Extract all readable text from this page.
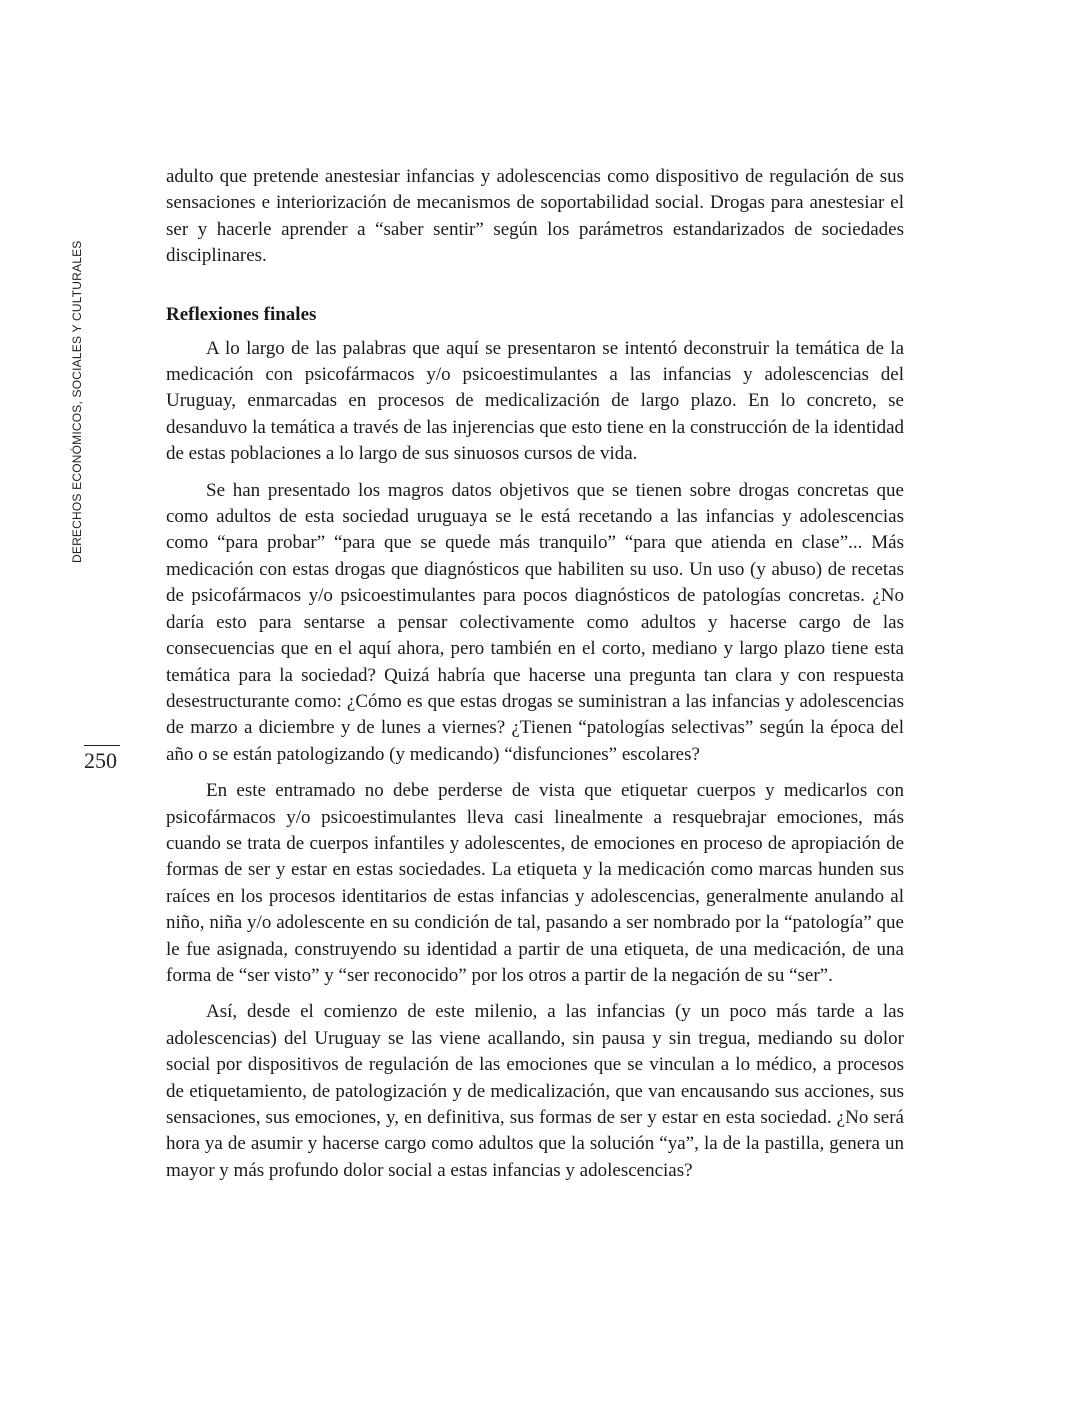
DERECHOS ECONÓMICOS, SOCIALES Y CULTURALES
250

adulto que pretende anestesiar infancias y adolescencias como dispositivo de regulación de sus sensaciones e interiorización de mecanismos de soportabilidad social. Drogas para anestesiar el ser y hacerle aprender a “saber sentir” según los parámetros estandarizados de sociedades disciplinares.

Reflexiones finales

A lo largo de las palabras que aquí se presentaron se intentó deconstruir la temática de la medicación con psicofármacos y/o psicoestimulantes a las infancias y adolescencias del Uruguay, enmarcadas en procesos de medicalización de largo plazo. En lo concreto, se desanduvo la temática a través de las injerencias que esto tiene en la construcción de la identidad de estas poblaciones a lo largo de sus sinuosos cursos de vida.

Se han presentado los magros datos objetivos que se tienen sobre drogas concretas que como adultos de esta sociedad uruguaya se le está recetando a las infancias y adolescencias como “para probar” “para que se quede más tranquilo” “para que atienda en clase”... Más medicación con estas drogas que diagnósticos que habiliten su uso. Un uso (y abuso) de recetas de psicofármacos y/o psicoestimulantes para pocos diagnósticos de patologías concretas. ¿No daría esto para sentarse a pensar colectivamente como adultos y hacerse cargo de las consecuencias que en el aquí ahora, pero también en el corto, mediano y largo plazo tiene esta temática para la sociedad? Quizá habría que hacerse una pregunta tan clara y con respuesta desestructurante como: ¿Cómo es que estas drogas se suministran a las infancias y adolescencias de marzo a diciembre y de lunes a viernes? ¿Tienen “patologías selectivas” según la época del año o se están patologizando (y medicando) “disfunciones” escolares?

En este entramado no debe perderse de vista que etiquetar cuerpos y medicarlos con psicofármacos y/o psicoestimulantes lleva casi linealmente a resquebrajar emociones, más cuando se trata de cuerpos infantiles y adolescentes, de emociones en proceso de apropiación de formas de ser y estar en estas sociedades. La etiqueta y la medicación como marcas hunden sus raíces en los procesos identitarios de estas infancias y adolescencias, generalmente anulando al niño, niña y/o adolescente en su condición de tal, pasando a ser nombrado por la “patología” que le fue asignada, construyendo su identidad a partir de una etiqueta, de una medicación, de una forma de “ser visto” y “ser reconocido” por los otros a partir de la negación de su “ser”.

Así, desde el comienzo de este milenio, a las infancias (y un poco más tarde a las adolescencias) del Uruguay se las viene acallando, sin pausa y sin tregua, mediando su dolor social por dispositivos de regulación de las emociones que se vinculan a lo médico, a procesos de etiquetamiento, de patologización y de medicalización, que van encausando sus acciones, sus sensaciones, sus emociones, y, en definitiva, sus formas de ser y estar en esta sociedad. ¿No será hora ya de asumir y hacerse cargo como adultos que la solución “ya”, la de la pastilla, genera un mayor y más profundo dolor social a estas infancias y adolescencias?
